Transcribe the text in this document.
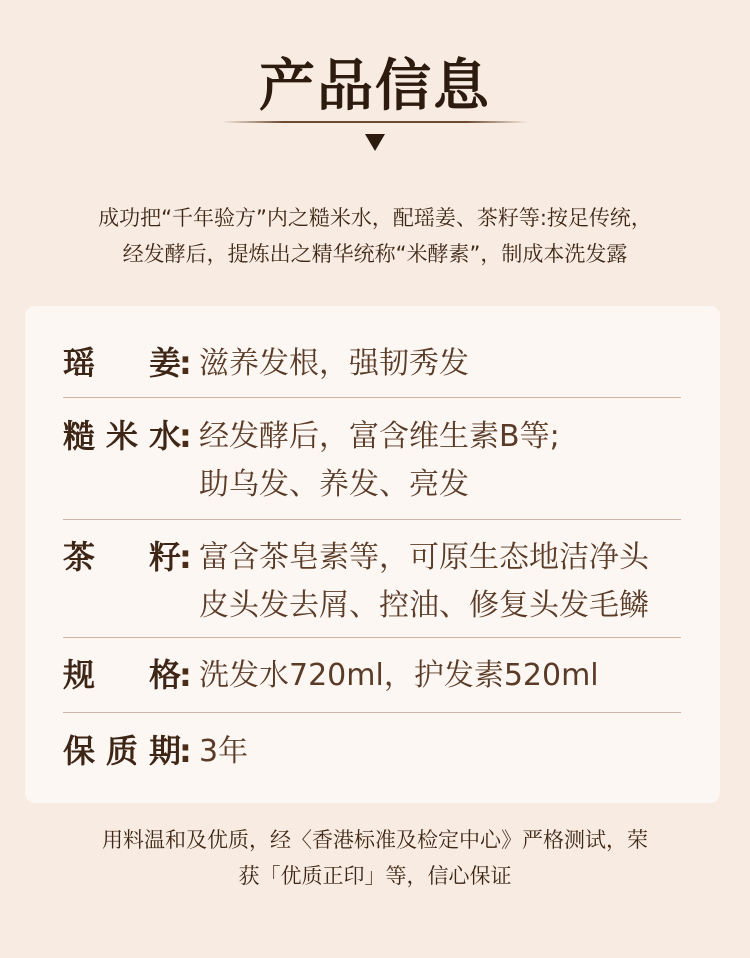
产品信息
成功把“千年验方”内之糙米水，配瑶姜、茶籽等:按足传统，
经发酵后，提炼出之精华统称“米酵素”，制成本洗发露
瑶姜
: 滋养发根，强韧秀发
糙米水
: 经发酵后，富含维生素B等;
助乌发、养发、亮发
茶籽
: 富含茶皂素等，可原生态地洁净头
皮头发去屑、控油、修复头发毛鳞
规格
: 洗发水720ml，护发素520ml
保质期
: 3年
用料温和及优质，经〈香港标准及检定中心》严格测试，荣
获「优质正印」等，信心保证
